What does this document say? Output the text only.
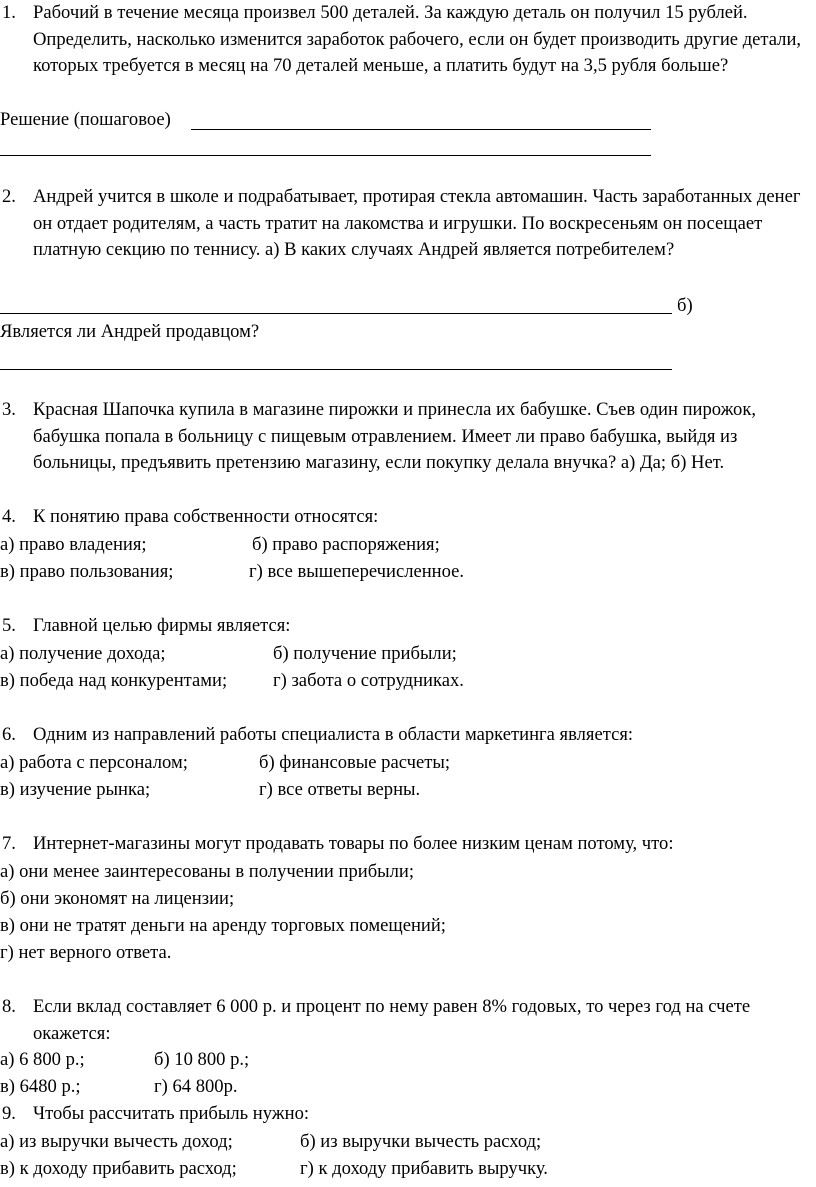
1. Рабочий в течение месяца произвел 500 деталей. За каждую деталь он получил 15 рублей. Определить, насколько изменится заработок рабочего, если он будет производить другие детали, которых требуется в месяц на 70 деталей меньше, а платить будут на 3,5 рубля больше?
Решение (пошаговое)
2. Андрей учится в школе и подрабатывает, протирая стекла автомашин. Часть заработанных денег он отдает родителям, а часть тратит на лакомства и игрушки. По воскресеньям он посещает платную секцию по теннису. а) В каких случаях Андрей является потребителем?
б)
Является ли Андрей продавцом?
3. Красная Шапочка купила в магазине пирожки и принесла их бабушке. Съев один пирожок, бабушка попала в больницу с пищевым отравлением. Имеет ли право бабушка, выйдя из больницы, предъявить претензию магазину, если покупку делала внучка? а) Да; б) Нет.
4. К понятию права собственности относятся:
а) право владения;	б) право распоряжения;
в) право пользования;	г) все вышеперечисленное.
5. Главной целью фирмы является:
а) получение дохода;	б) получение прибыли;
в) победа над конкурентами; г) забота о сотрудниках.
6. Одним из направлений работы специалиста в области маркетинга является:
а) работа с персоналом;	б) финансовые расчеты;
в) изучение рынка;	г) все ответы верны.
7. Интернет-магазины могут продавать товары по более низким ценам потому, что:
а) они менее заинтересованы в получении прибыли;
б) они экономят на лицензии;
в) они не тратят деньги на аренду торговых помещений;
г) нет верного ответа.
8. Если вклад составляет 6 000 р. и процент по нему равен 8% годовых, то через год на счете окажется:
а) 6 800 р.;	б) 10 800 р.;
в) 6480 р.;	г) 64 800р.
9. Чтобы рассчитать прибыль нужно:
а) из выручки вычесть доход;	б) из выручки вычесть расход;
в) к доходу прибавить расход;	г) к доходу прибавить выручку.
